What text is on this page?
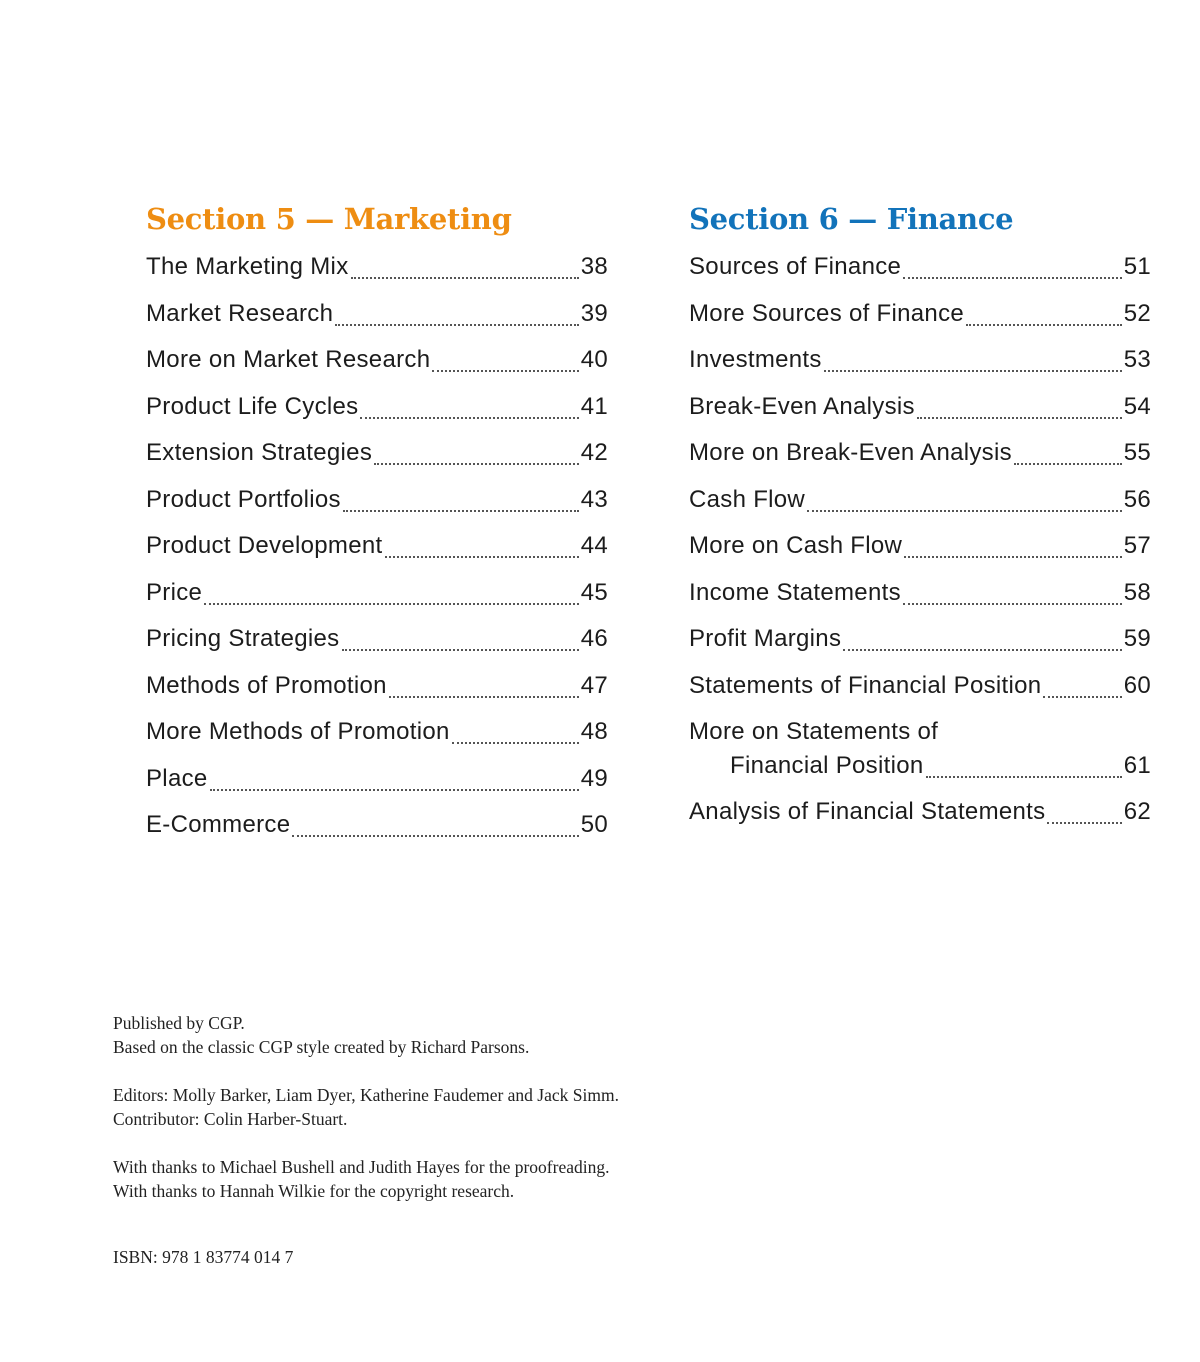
Section 5 — Marketing
The Marketing Mix	38
Market Research	39
More on Market Research	40
Product Life Cycles	41
Extension Strategies	42
Product Portfolios	43
Product Development	44
Price	45
Pricing Strategies	46
Methods of Promotion	47
More Methods of Promotion	48
Place	49
E-Commerce	50
Section 6 — Finance
Sources of Finance	51
More Sources of Finance	52
Investments	53
Break-Even Analysis	54
More on Break-Even Analysis	55
Cash Flow	56
More on Cash Flow	57
Income Statements	58
Profit Margins	59
Statements of Financial Position	60
More on Statements of
Financial Position	61
Analysis of Financial Statements	62

Published by CGP.

Based on the classic CGP style created by Richard Parsons.

Editors: Molly Barker, Liam Dyer, Katherine Faudemer and Jack Simm.

Contributor: Colin Harber-Stuart.

With thanks to Michael Bushell and Judith Hayes for the proofreading.

With thanks to Hannah Wilkie for the copyright research.

ISBN: 978 1 83774 014 7
